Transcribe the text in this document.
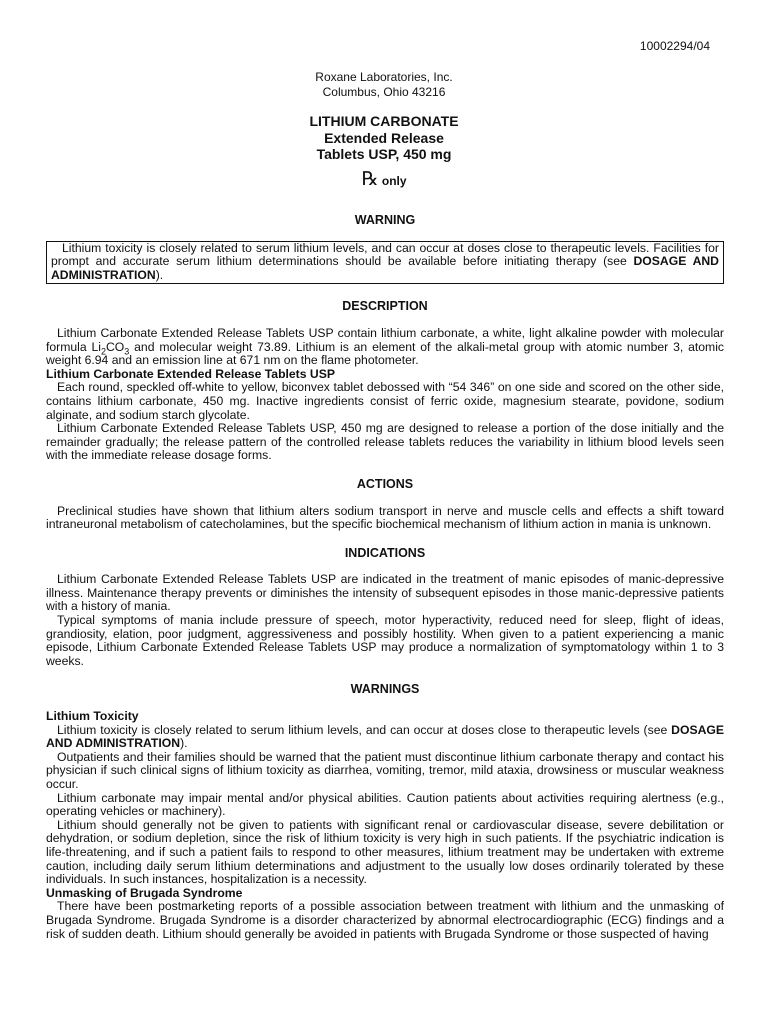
10002294/04
Roxane Laboratories, Inc.
Columbus, Ohio 43216
LITHIUM CARBONATE
Extended Release
Tablets USP, 450 mg
℞ only
WARNING

Lithium toxicity is closely related to serum lithium levels, and can occur at doses close to therapeutic levels. Facilities for prompt and accurate serum lithium determinations should be available before initiating therapy (see DOSAGE AND ADMINISTRATION).

DESCRIPTION

Lithium Carbonate Extended Release Tablets USP contain lithium carbonate, a white, light alkaline powder with molecular formula $Li_2CO_3$ and molecular weight 73.89. Lithium is an element of the alkali-metal group with atomic number 3, atomic weight 6.94 and an emission line at 671 nm on the flame photometer.

Lithium Carbonate Extended Release Tablets USP

Each round, speckled off-white to yellow, biconvex tablet debossed with “54 346” on one side and scored on the other side, contains lithium carbonate, 450 mg. Inactive ingredients consist of ferric oxide, magnesium stearate, povidone, sodium alginate, and sodium starch glycolate.

Lithium Carbonate Extended Release Tablets USP, 450 mg are designed to release a portion of the dose initially and the remainder gradually; the release pattern of the controlled release tablets reduces the variability in lithium blood levels seen with the immediate release dosage forms.

ACTIONS

Preclinical studies have shown that lithium alters sodium transport in nerve and muscle cells and effects a shift toward intraneuronal metabolism of catecholamines, but the specific biochemical mechanism of lithium action in mania is unknown.

INDICATIONS

Lithium Carbonate Extended Release Tablets USP are indicated in the treatment of manic episodes of manic-depressive illness. Maintenance therapy prevents or diminishes the intensity of subsequent episodes in those manic-depressive patients with a history of mania.

Typical symptoms of mania include pressure of speech, motor hyperactivity, reduced need for sleep, flight of ideas, grandiosity, elation, poor judgment, aggressiveness and possibly hostility. When given to a patient experiencing a manic episode, Lithium Carbonate Extended Release Tablets USP may produce a normalization of symptomatology within 1 to 3 weeks.

WARNINGS
Lithium Toxicity

Lithium toxicity is closely related to serum lithium levels, and can occur at doses close to therapeutic levels (see DOSAGE AND ADMINISTRATION).

Outpatients and their families should be warned that the patient must discontinue lithium carbonate therapy and contact his physician if such clinical signs of lithium toxicity as diarrhea, vomiting, tremor, mild ataxia, drowsiness or muscular weakness occur.

Lithium carbonate may impair mental and/or physical abilities. Caution patients about activities requiring alertness (e.g., operating vehicles or machinery).

Lithium should generally not be given to patients with significant renal or cardiovascular disease, severe debilitation or dehydration, or sodium depletion, since the risk of lithium toxicity is very high in such patients. If the psychiatric indication is life-threatening, and if such a patient fails to respond to other measures, lithium treatment may be undertaken with extreme caution, including daily serum lithium determinations and adjustment to the usually low doses ordinarily tolerated by these individuals. In such instances, hospitalization is a necessity.

Unmasking of Brugada Syndrome

There have been postmarketing reports of a possible association between treatment with lithium and the unmasking of Brugada Syndrome. Brugada Syndrome is a disorder characterized by abnormal electrocardiographic (ECG) findings and a risk of sudden death. Lithium should generally be avoided in patients with Brugada Syndrome or those suspected of having
